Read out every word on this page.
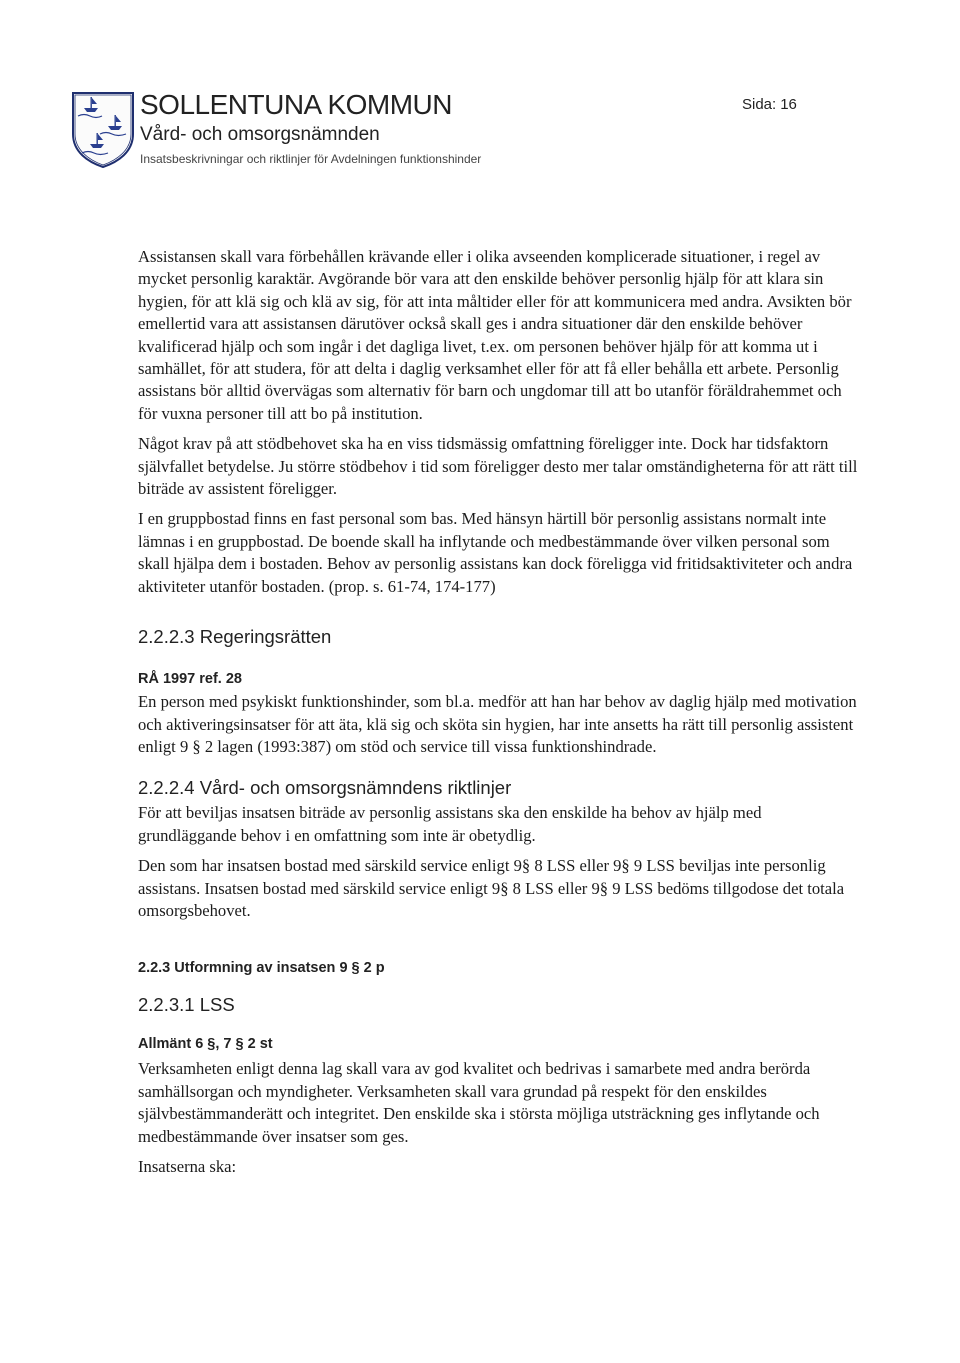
SOLLENTUNA KOMMUN
Vård- och omsorgsnämnden
Insatsbeskrivningar och riktlinjer för Avdelningen funktionshinder
Sida: 16

Assistansen skall vara förbehållen krävande eller i olika avseenden komplicerade situationer, i regel av mycket personlig karaktär. Avgörande bör vara att den enskilde behöver personlig hjälp för att klara sin hygien, för att klä sig och klä av sig, för att inta måltider eller för att kommunicera med andra. Avsikten bör emellertid vara att assistansen därutöver också skall ges i andra situationer där den enskilde behöver kvalificerad hjälp och som ingår i det dagliga livet, t.ex. om personen behöver hjälp för att komma ut i samhället, för att studera, för att delta i daglig verksamhet eller för att få eller behålla ett arbete. Personlig assistans bör alltid övervägas som alternativ för barn och ungdomar till att bo utanför föräldrahemmet och för vuxna personer till att bo på institution.

Något krav på att stödbehovet ska ha en viss tidsmässig omfattning föreligger inte. Dock har tidsfaktorn självfallet betydelse. Ju större stödbehov i tid som föreligger desto mer talar omständigheterna för att rätt till biträde av assistent föreligger.

I en gruppbostad finns en fast personal som bas. Med hänsyn härtill bör personlig assistans normalt inte lämnas i en gruppbostad. De boende skall ha inflytande och medbestämmande över vilken personal som skall hjälpa dem i bostaden. Behov av personlig assistans kan dock föreligga vid fritidsaktiviteter och andra aktiviteter utanför bostaden. (prop. s. 61-74, 174-177)

2.2.2.3 Regeringsrätten

RÅ 1997 ref. 28

En person med psykiskt funktionshinder, som bl.a. medför att han har behov av daglig hjälp med motivation och aktiveringsinsatser för att äta, klä sig och sköta sin hygien, har inte ansetts ha rätt till personlig assistent enligt 9 § 2 lagen (1993:387) om stöd och service till vissa funktionshindrade.

2.2.2.4 Vård- och omsorgsnämndens riktlinjer

För att beviljas insatsen biträde av personlig assistans ska den enskilde ha behov av hjälp med grundläggande behov i en omfattning som inte är obetydlig.

Den som har insatsen bostad med särskild service enligt 9§ 8 LSS eller 9§ 9 LSS beviljas inte personlig assistans. Insatsen bostad med särskild service enligt 9§ 8 LSS eller 9§ 9 LSS bedöms tillgodose det totala omsorgsbehovet.

2.2.3 Utformning av insatsen 9 § 2 p

2.2.3.1 LSS

Allmänt 6 §, 7 § 2 st

Verksamheten enligt denna lag skall vara av god kvalitet och bedrivas i samarbete med andra berörda samhällsorgan och myndigheter. Verksamheten skall vara grundad på respekt för den enskildes självbestämmanderätt och integritet. Den enskilde ska i största möjliga utsträckning ges inflytande och medbestämmande över insatser som ges.

Insatserna ska:
